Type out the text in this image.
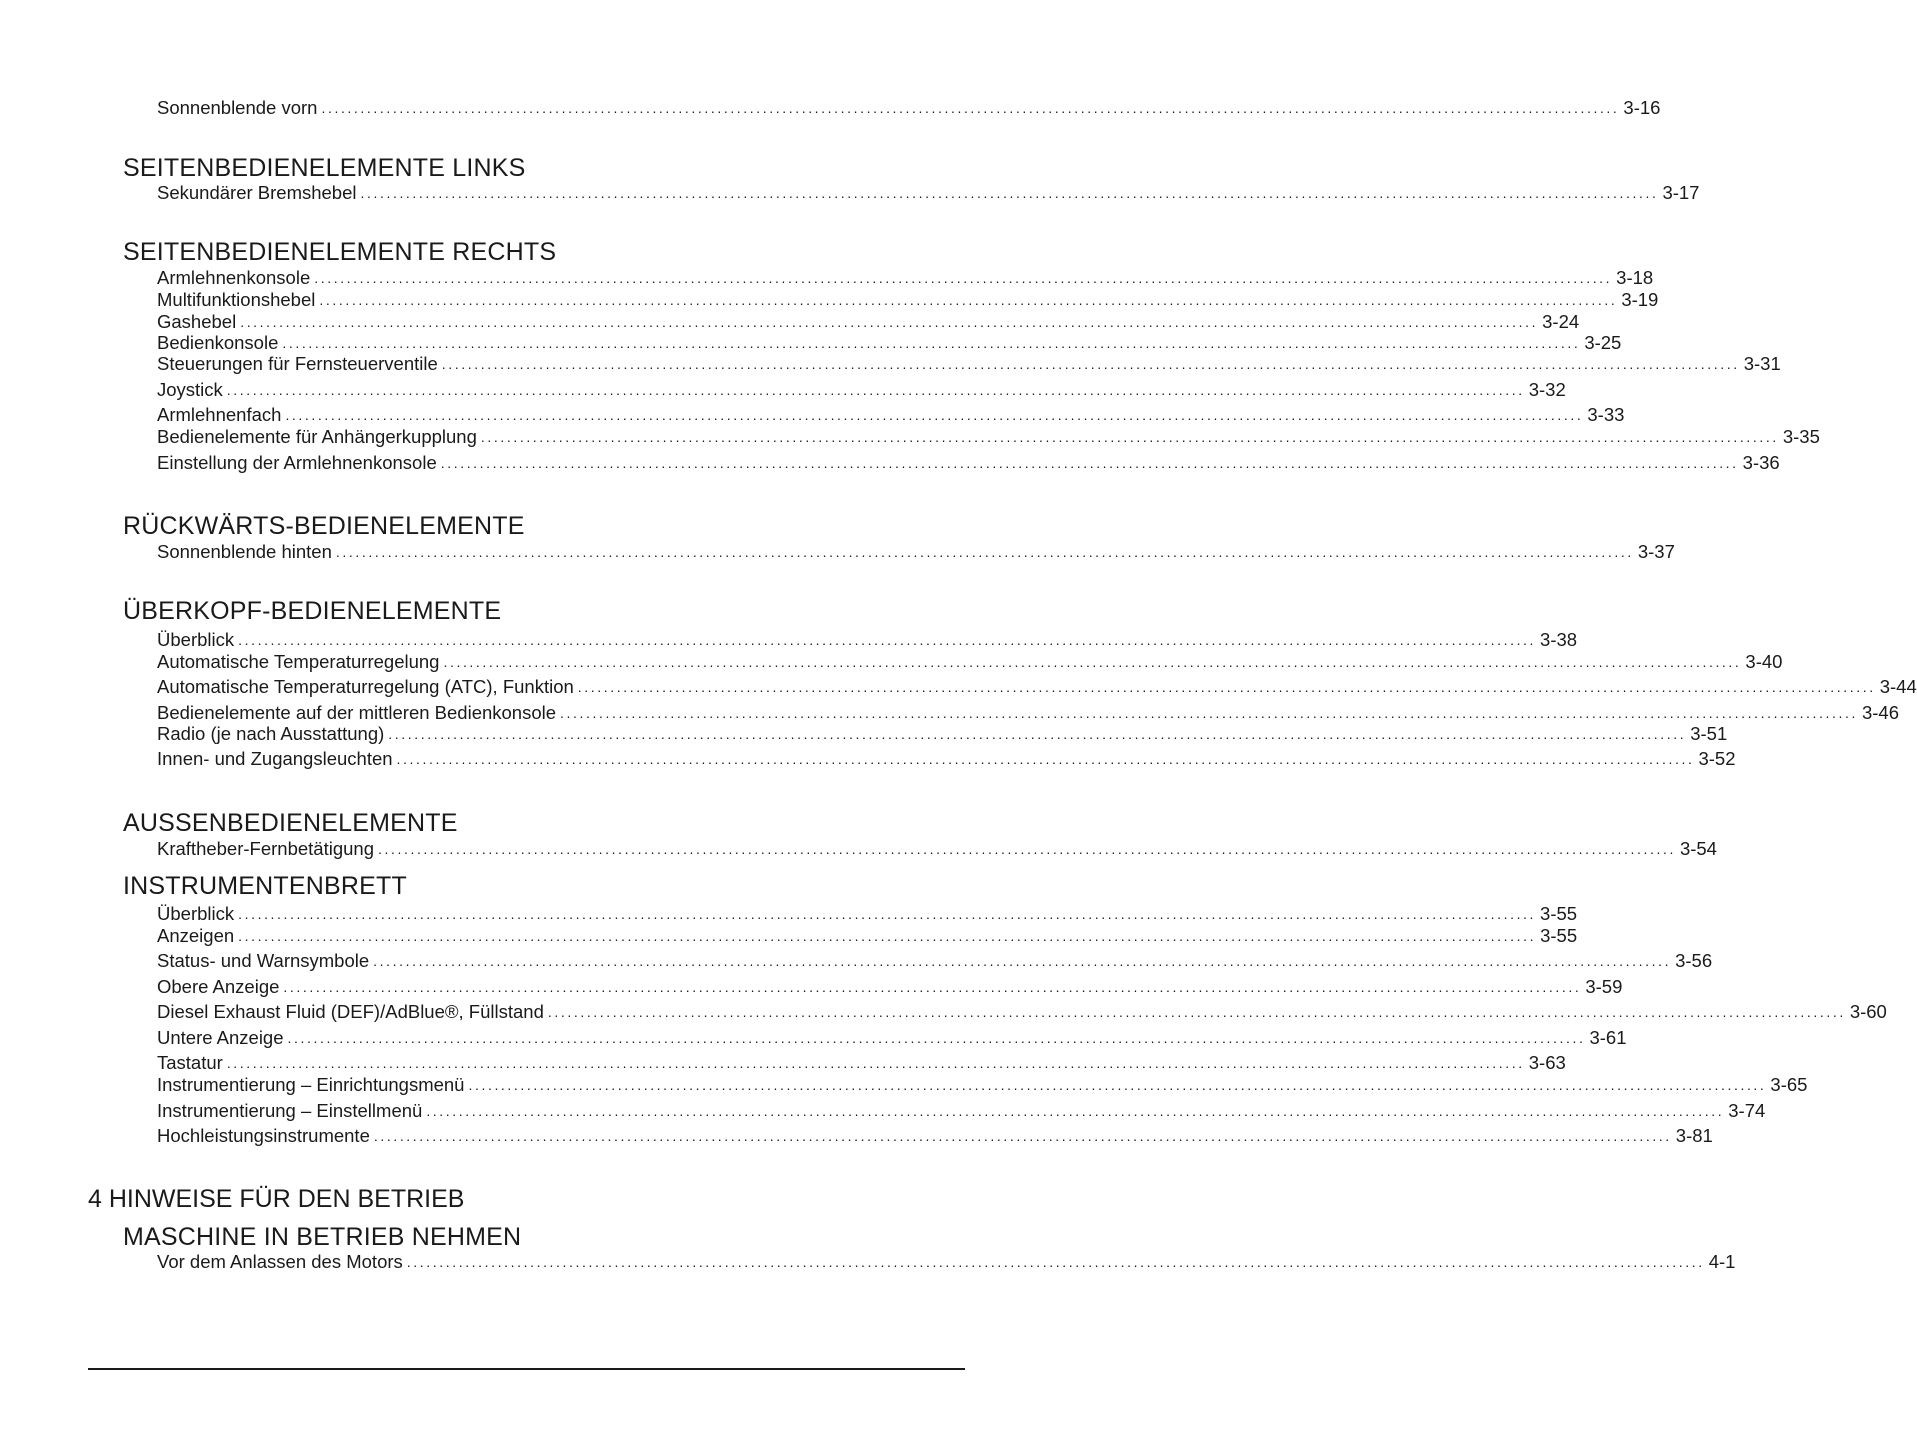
Sonnenblende vorn ........................................................................................................................................................................................................ 3-16
SEITENBEDIENELEMENTE LINKS
Sekundärer Bremshebel ........................................................................................................................................................................................................ 3-17
SEITENBEDIENELEMENTE RECHTS
Armlehnenkonsole ........................................................................................................................................................................................................ 3-18
Multifunktionshebel ........................................................................................................................................................................................................ 3-19
Gashebel ........................................................................................................................................................................................................ 3-24
Bedienkonsole ........................................................................................................................................................................................................ 3-25
Steuerungen für Fernsteuerventile ........................................................................................................................................................................................................ 3-31
Joystick ........................................................................................................................................................................................................ 3-32
Armlehnenfach ........................................................................................................................................................................................................ 3-33
Bedienelemente für Anhängerkupplung ........................................................................................................................................................................................................ 3-35
Einstellung der Armlehnenkonsole ........................................................................................................................................................................................................ 3-36
RÜCKWÄRTS-BEDIENELEMENTE
Sonnenblende hinten ........................................................................................................................................................................................................ 3-37
ÜBERKOPF-BEDIENELEMENTE
Überblick ........................................................................................................................................................................................................ 3-38
Automatische Temperaturregelung ........................................................................................................................................................................................................ 3-40
Automatische Temperaturregelung (ATC), Funktion ........................................................................................................................................................................................................ 3-44
Bedienelemente auf der mittleren Bedienkonsole ........................................................................................................................................................................................................ 3-46
Radio (je nach Ausstattung) ........................................................................................................................................................................................................ 3-51
Innen- und Zugangsleuchten ........................................................................................................................................................................................................ 3-52
AUSSENBEDIENELEMENTE
Kraftheber-Fernbetätigung ........................................................................................................................................................................................................ 3-54
INSTRUMENTENBRETT
Überblick ........................................................................................................................................................................................................ 3-55
Anzeigen ........................................................................................................................................................................................................ 3-55
Status- und Warnsymbole ........................................................................................................................................................................................................ 3-56
Obere Anzeige ........................................................................................................................................................................................................ 3-59
Diesel Exhaust Fluid (DEF)/AdBlue®, Füllstand ........................................................................................................................................................................................................ 3-60
Untere Anzeige ........................................................................................................................................................................................................ 3-61
Tastatur ........................................................................................................................................................................................................ 3-63
Instrumentierung – Einrichtungsmenü ........................................................................................................................................................................................................ 3-65
Instrumentierung – Einstellmenü ........................................................................................................................................................................................................ 3-74
Hochleistungsinstrumente ........................................................................................................................................................................................................ 3-81
4 HINWEISE FÜR DEN BETRIEB
MASCHINE IN BETRIEB NEHMEN
Vor dem Anlassen des Motors ........................................................................................................................................................................................................ 4-1
